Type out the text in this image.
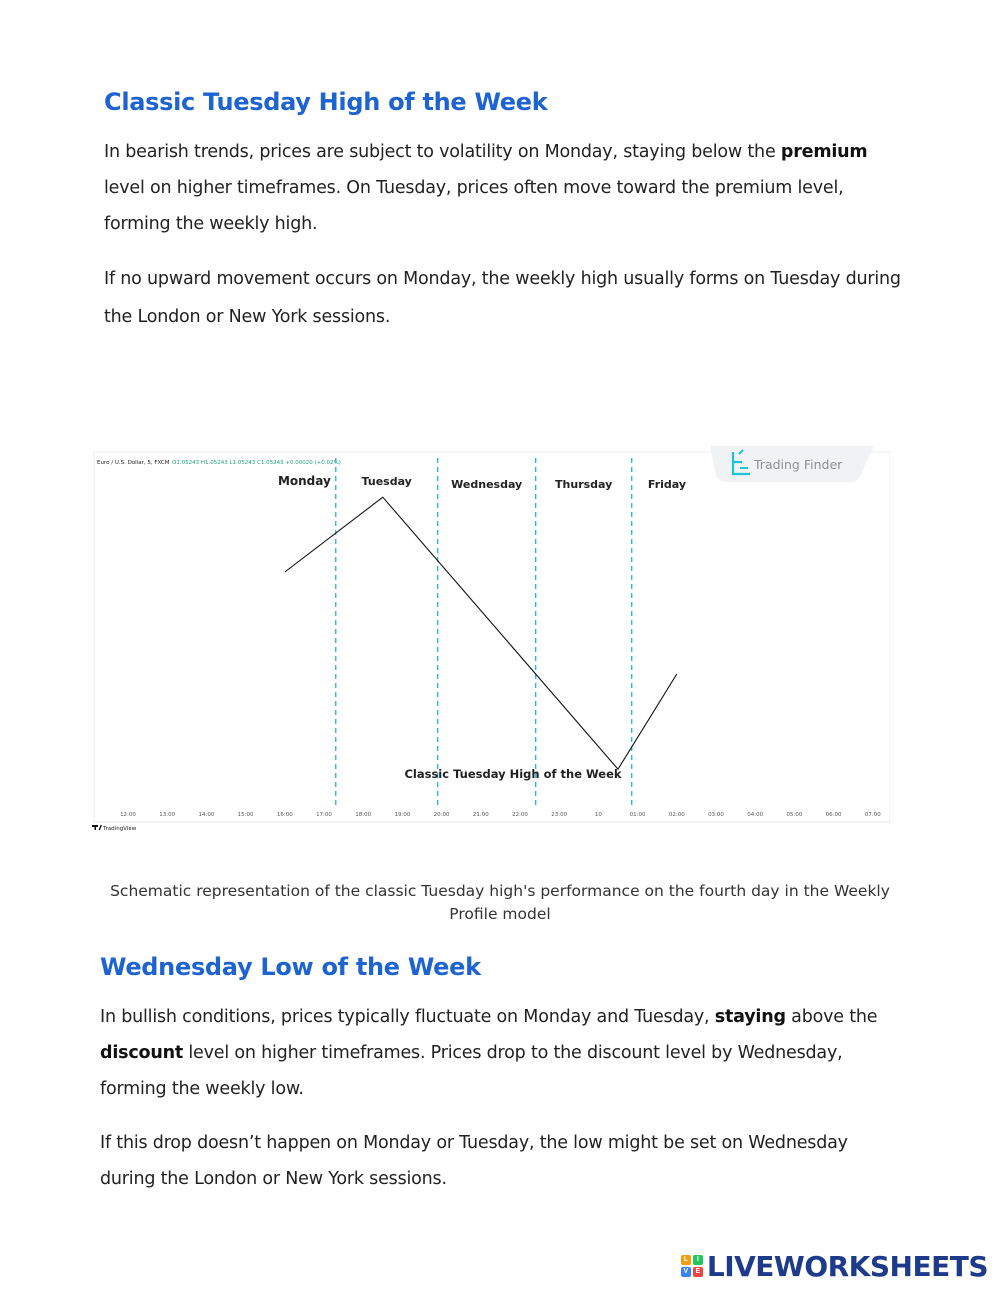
Classic Tuesday High of the Week

In bearish trends, prices are subject to volatility on Monday, staying below the premium level on higher timeframes. On Tuesday, prices often move toward the premium level, forming the weekly high.

If no upward movement occurs on Monday, the weekly high usually forms on Tuesday during the London or New York sessions.

Trading Finder
Euro / U.S. Dollar, 5, FXCM O1.05243 H1.05243 L1.05243 C1.05243 +0.00020 (+0.02%)
Monday	Tuesday	Wednesday	Thursday	Friday
Classic Tuesday High of the Week
12:00	13:00	14:00	15:00	16:00	17:00	18:00	19:00	20:00	21:00	22:00	23:00	10	01:00	02:00	03:00	04:00	05:00	06:00	07:00
TradingView
Schematic representation of the classic Tuesday high's performance on the fourth day in the Weekly Profile model
Wednesday Low of the Week

In bullish conditions, prices typically fluctuate on Monday and Tuesday, staying above the discount level on higher timeframes. Prices drop to the discount level by Wednesday, forming the weekly low.

If this drop doesn’t happen on Monday or Tuesday, the low might be set on Wednesday during the London or New York sessions.

L	I
V	E LIVEWORKSHEETS
